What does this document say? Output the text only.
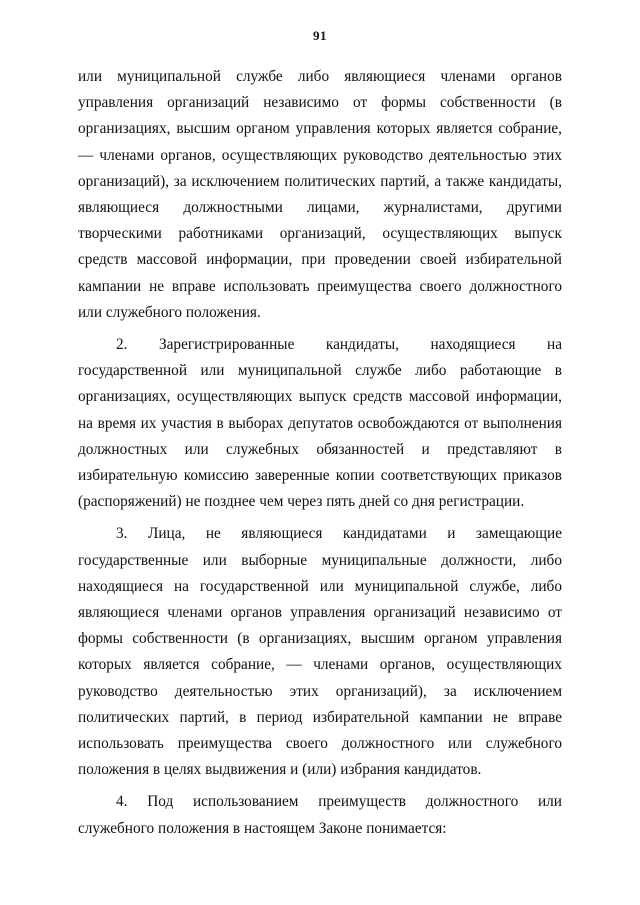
91

или муниципальной службе либо являющиеся членами органов управления организаций независимо от формы собственности (в организациях, высшим органом управления которых является собрание, — членами органов, осуществляющих руководство деятельностью этих организаций), за исключением политических партий, а также кандидаты, являющиеся должностными лицами, журналистами, другими творческими работниками организаций, осуществляющих выпуск средств массовой информации, при проведении своей избирательной кампании не вправе использовать преимущества своего должностного или служебного положения.

2. Зарегистрированные кандидаты, находящиеся на государственной или муниципальной службе либо работающие в организациях, осуществляющих выпуск средств массовой информации, на время их участия в выборах депутатов освобождаются от выполнения должностных или служебных обязанностей и представляют в избирательную комиссию заверенные копии соответствующих приказов (распоряжений) не позднее чем через пять дней со дня регистрации.

3. Лица, не являющиеся кандидатами и замещающие государственные или выборные муниципальные должности, либо находящиеся на государственной или муниципальной службе, либо являющиеся членами органов управления организаций независимо от формы собственности (в организациях, высшим органом управления которых является собрание, — членами органов, осуществляющих руководство деятельностью этих организаций), за исключением политических партий, в период избирательной кампании не вправе использовать преимущества своего должностного или служебного положения в целях выдвижения и (или) избрания кандидатов.

4. Под использованием преимуществ должностного или служебного положения в настоящем Законе понимается:
